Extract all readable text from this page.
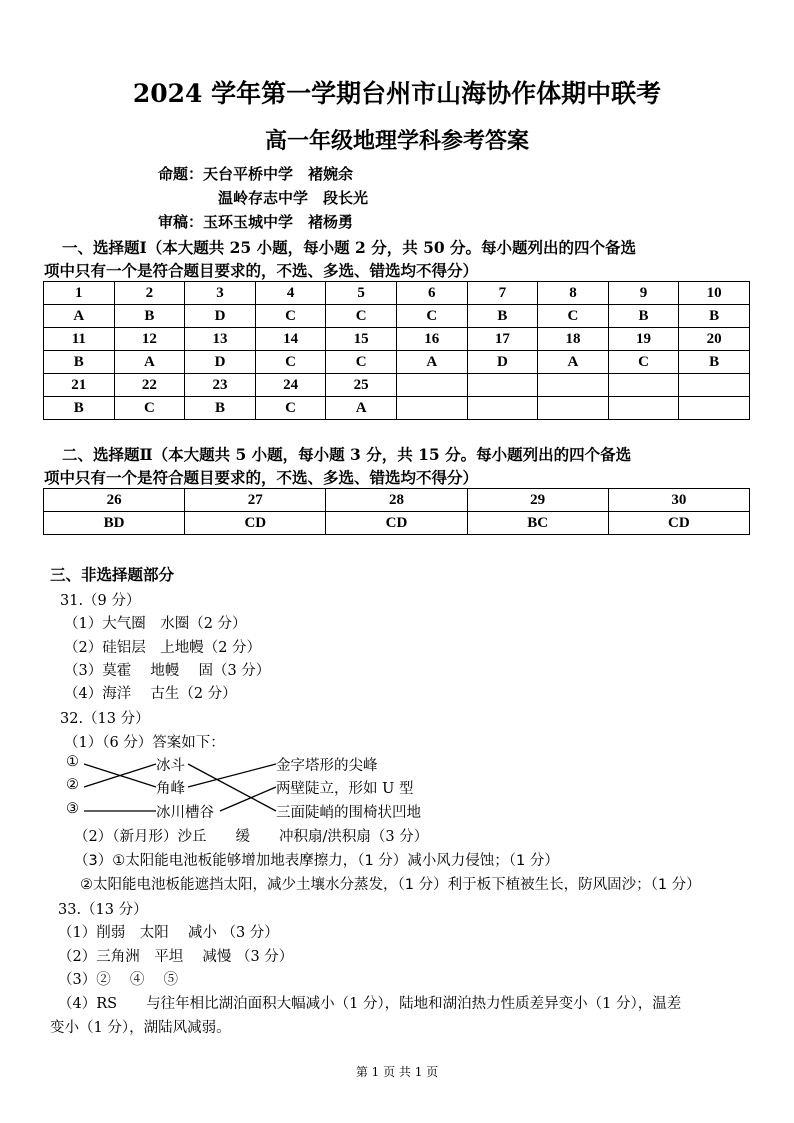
2024 学年第一学期台州市山海协作体期中联考
高一年级地理学科参考答案
命题：天台平桥中学　褚婉余
温岭存志中学　段长光
审稿：玉环玉城中学　褚杨勇
一、选择题Ⅰ（本大题共 25 小题，每小题 2 分，共 50 分。每小题列出的四个备选
项中只有一个是符合题目要求的，不选、多选、错选均不得分）
1	2	3	4	5	6	7	8	9	10
A	B	D	C	C	C	B	C	B	B
11	12	13	14	15	16	17	18	19	20
B	A	D	C	C	A	D	A	C	B
21	22	23	24	25					
B	C	B	C	A					
二、选择题Ⅱ（本大题共 5 小题，每小题 3 分，共 15 分。每小题列出的四个备选
项中只有一个是符合题目要求的，不选、多选、错选均不得分）
26	27	28	29	30
BD	CD	CD	BC	CD
三、非选择题部分
31.（9 分）
（1）大气圈　水圈（2 分）
（2）硅铝层　上地幔（2 分）
（3）莫霍　 地幔　 固（3 分）
（4）海洋　 古生（2 分）
32.（13 分）
（1）（6 分）答案如下：
①
②
③
冰斗
角峰
冰川槽谷
金字塔形的尖峰
两壁陡立，形如 U 型
三面陡峭的围椅状凹地
（2）（新月形）沙丘　　缓　　冲积扇/洪积扇（3 分）
（3）①太阳能电池板能够增加地表摩擦力，（1 分）减小风力侵蚀；（1 分）
②太阳能电池板能遮挡太阳，减少土壤水分蒸发，（1 分）利于板下植被生长，防风固沙；（1 分）
33.（13 分）
（1）削弱　太阳　 减小 （3 分）
（2）三角洲　平坦　 减慢 （3 分）
（3）②　 ④　 ⑤
（4）RS　　与往年相比湖泊面积大幅减小（1 分），陆地和湖泊热力性质差异变小（1 分），温差
变小（1 分），湖陆风减弱。
第 1 页 共 1 页
